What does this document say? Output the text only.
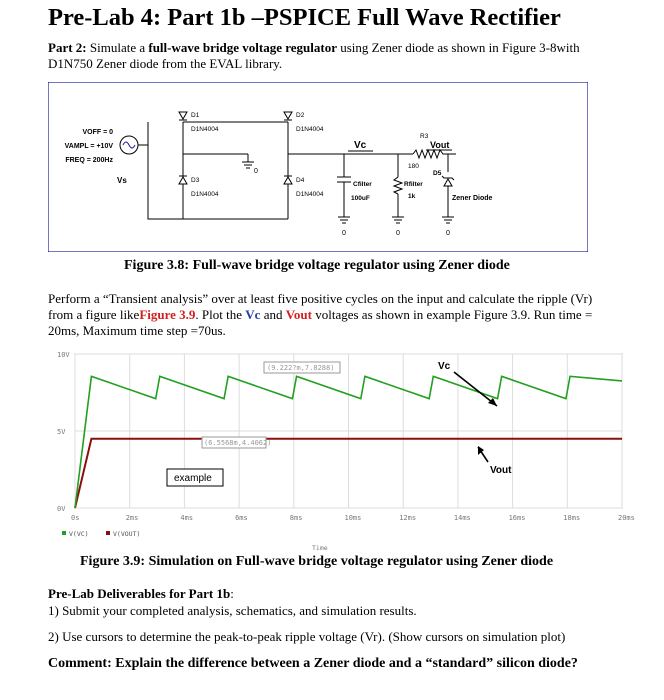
Pre-Lab 4: Part 1b –PSPICE Full Wave Rectifier

Part 2: Simulate a full-wave bridge voltage regulator using Zener diode as shown in Figure 3-8with D1N750 Zener diode from the EVAL library.

VOFF = 0
VAMPL = +10V
FREQ = 200Hz
Vs
D1
D1N4004
D2
D1N4004
D3
D1N4004
D4
D1N4004
0
Vc
R3
180
Vout
Cfilter
100uF
Rfilter
1k
D5
Zener Diode
0	0	0

Figure 3.8: Full-wave bridge voltage regulator using Zener diode

Perform a “Transient analysis” over at least five positive cycles on the input and calculate the ripple (Vr) from a figure likeFigure 3.9. Plot the Vc and Vout voltages as shown in example Figure 3.9. Run time = 20ms, Maximum time step =70us.

0s	2ms	4ms	6ms	8ms	10ms	12ms	14ms	16ms	18ms	20ms
0V
5V
10V
(9.222?m,7.8288)
(6.5568m,4.4062)
Vc
Vout
example
V(VC)	V(VOUT)
Time

Figure 3.9: Simulation on Full-wave bridge voltage regulator using Zener diode

Pre-Lab Deliverables for Part 1b:

1) Submit your completed analysis, schematics, and simulation results.

2) Use cursors to determine the peak-to-peak ripple voltage (Vr). (Show cursors on simulation plot)

Comment: Explain the difference between a Zener diode and a “standard” silicon diode?
